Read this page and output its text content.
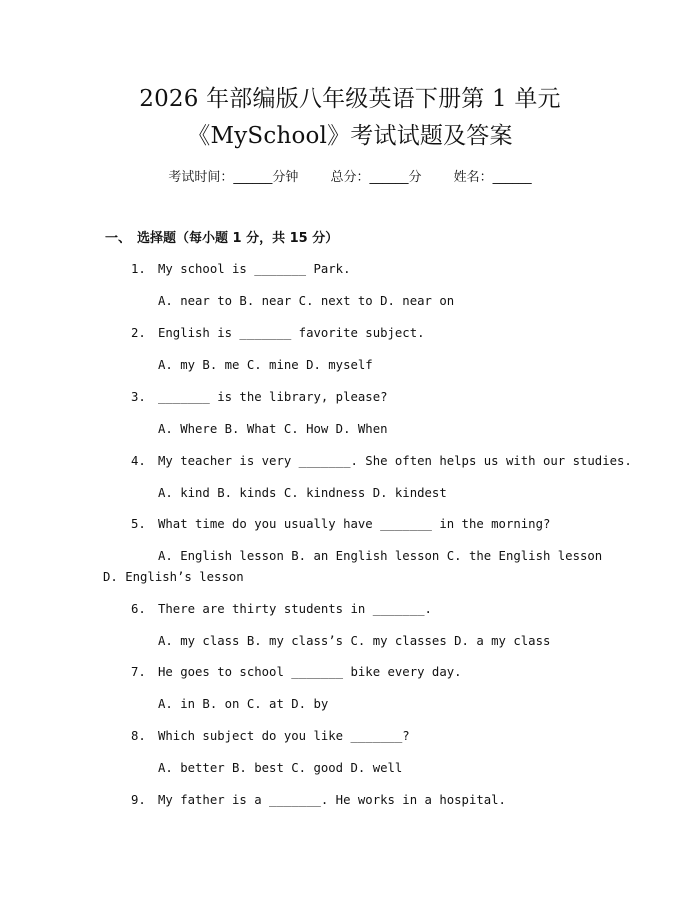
2026 年部编版八年级英语下册第 1 单元
《MySchool》考试试题及答案
考试时间：______分钟 总分：______分 姓名：______
一、 选择题（每小题 1 分，共 15 分）
1. My school is _______ Park.
A. near to B. near C. next to D. near on
2. English is _______ favorite subject.
A. my B. me C. mine D. myself
3. _______ is the library, please?
A. Where B. What C. How D. When
4. My teacher is very _______. She often helps us with our studies.
A. kind B. kinds C. kindness D. kindest
5. What time do you usually have _______ in the morning?
A. English lesson B. an English lesson C. the English lesson D. English’s lesson
6. There are thirty students in _______.
A. my class B. my class’s C. my classes D. a my class
7. He goes to school _______ bike every day.
A. in B. on C. at D. by
8. Which subject do you like _______?
A. better B. best C. good D. well
9. My father is a _______. He works in a hospital.
